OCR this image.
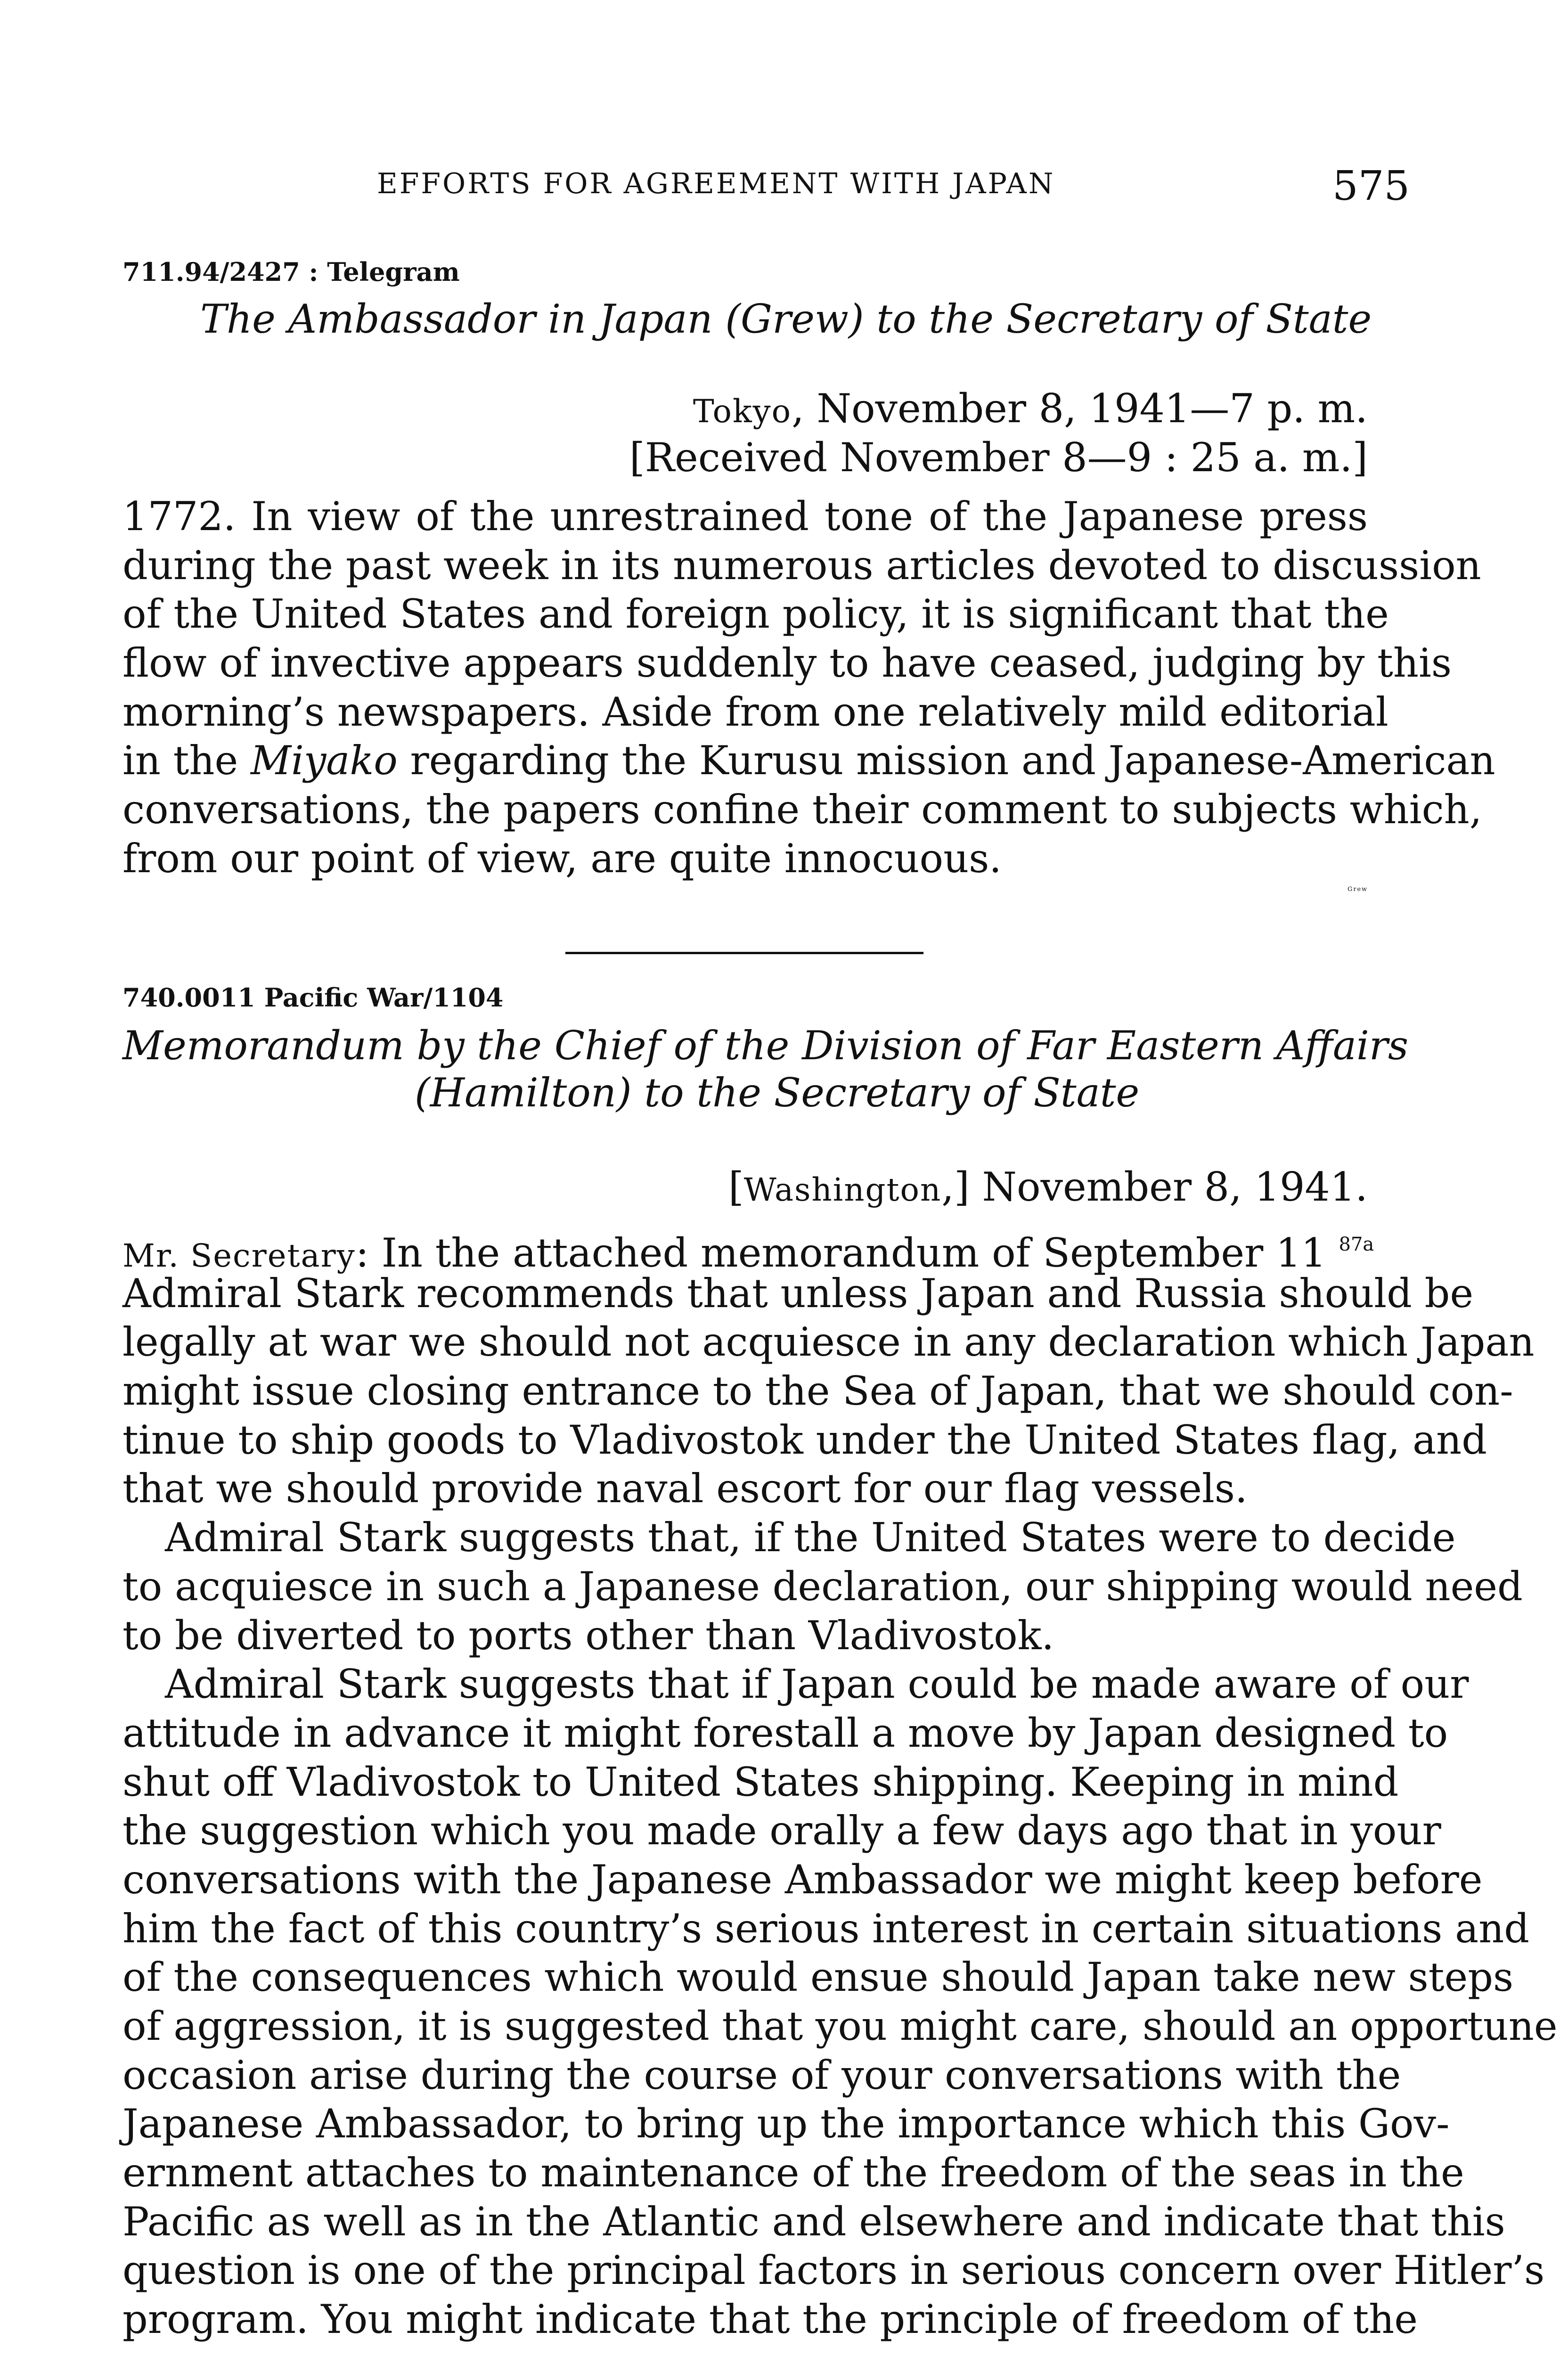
EFFORTS FOR AGREEMENT WITH JAPAN	575
711.94/2427 : Telegram
The Ambassador in Japan (Grew) to the Secretary of State
Tokyo, November 8, 1941—7 p. m.
[Received November 8—9 : 25 a. m.]
1772. In view of the unrestrained tone of the Japanese press
during the past week in its numerous articles devoted to discussion
of the United States and foreign policy, it is significant that the
flow of invective appears suddenly to have ceased, judging by this
morning’s newspapers. Aside from one relatively mild editorial
in the Miyako regarding the Kurusu mission and Japanese-American
conversations, the papers confine their comment to subjects which,
from our point of view, are quite innocuous.
Grew
740.0011 Pacific War/1104
Memorandum by the Chief of the Division of Far Eastern Affairs
(Hamilton) to the Secretary of State
[Washington,] November 8, 1941.
Mr. Secretary: In the attached memorandum of September 11 $^{87a}$
Admiral Stark recommends that unless Japan and Russia should be
legally at war we should not acquiesce in any declaration which Japan
might issue closing entrance to the Sea of Japan, that we should con-
tinue to ship goods to Vladivostok under the United States flag, and
that we should provide naval escort for our flag vessels.
Admiral Stark suggests that, if the United States were to decide
to acquiesce in such a Japanese declaration, our shipping would need
to be diverted to ports other than Vladivostok.
Admiral Stark suggests that if Japan could be made aware of our
attitude in advance it might forestall a move by Japan designed to
shut off Vladivostok to United States shipping. Keeping in mind
the suggestion which you made orally a few days ago that in your
conversations with the Japanese Ambassador we might keep before
him the fact of this country’s serious interest in certain situations and
of the consequences which would ensue should Japan take new steps
of aggression, it is suggested that you might care, should an opportune
occasion arise during the course of your conversations with the
Japanese Ambassador, to bring up the importance which this Gov-
ernment attaches to maintenance of the freedom of the seas in the
Pacific as well as in the Atlantic and elsewhere and indicate that this
question is one of the principal factors in serious concern over Hitler’s
program. You might indicate that the principle of freedom of the
